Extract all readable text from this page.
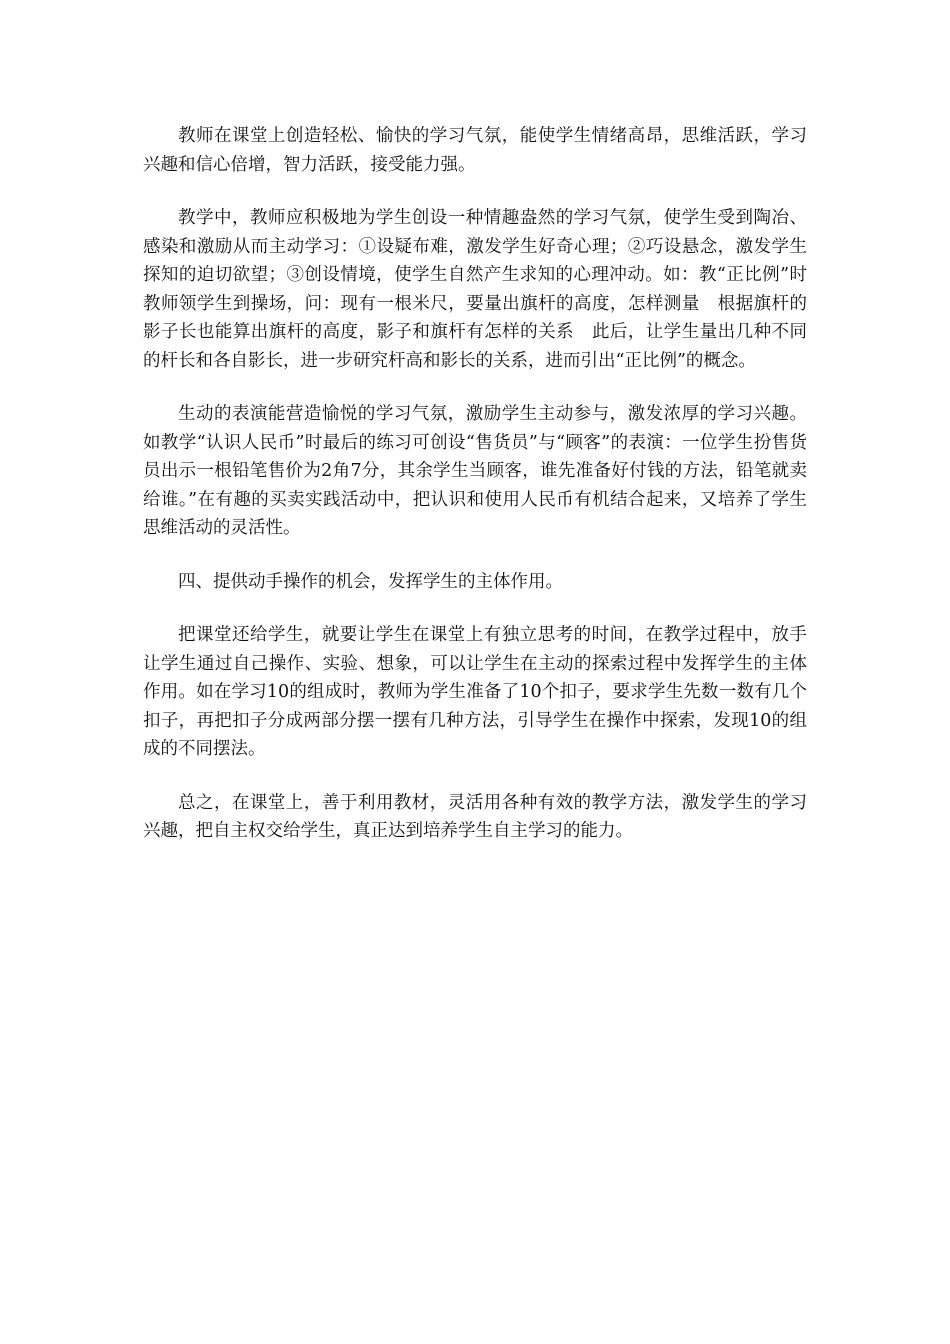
教师在课堂上创造轻松、愉快的学习气氛，能使学生情绪高昂，思维活跃，学习兴趣和信心倍增，智力活跃，接受能力强。

教学中，教师应积极地为学生创设一种情趣盎然的学习气氛，使学生受到陶冶、感染和激励从而主动学习：①设疑布难，激发学生好奇心理；②巧设悬念，激发学生探知的迫切欲望；③创设情境，使学生自然产生求知的心理冲动。如：教“正比例”时教师领学生到操场，问：现有一根米尺，要量出旗杆的高度，怎样测量　根据旗杆的影子长也能算出旗杆的高度，影子和旗杆有怎样的关系　此后，让学生量出几种不同的杆长和各自影长，进一步研究杆高和影长的关系，进而引出“正比例”的概念。

生动的表演能营造愉悦的学习气氛，激励学生主动参与，激发浓厚的学习兴趣。如教学“认识人民币”时最后的练习可创设“售货员”与“顾客”的表演：一位学生扮售货员出示一根铅笔售价为2角7分，其余学生当顾客，谁先准备好付钱的方法，铅笔就卖给谁。”在有趣的买卖实践活动中，把认识和使用人民币有机结合起来，又培养了学生思维活动的灵活性。

四、提供动手操作的机会，发挥学生的主体作用。

把课堂还给学生，就要让学生在课堂上有独立思考的时间，在教学过程中，放手让学生通过自己操作、实验、想象，可以让学生在主动的探索过程中发挥学生的主体作用。如在学习10的组成时，教师为学生准备了10个扣子，要求学生先数一数有几个扣子，再把扣子分成两部分摆一摆有几种方法，引导学生在操作中探索，发现10的组成的不同摆法。

总之，在课堂上，善于利用教材，灵活用各种有效的教学方法，激发学生的学习兴趣，把自主权交给学生，真正达到培养学生自主学习的能力。
